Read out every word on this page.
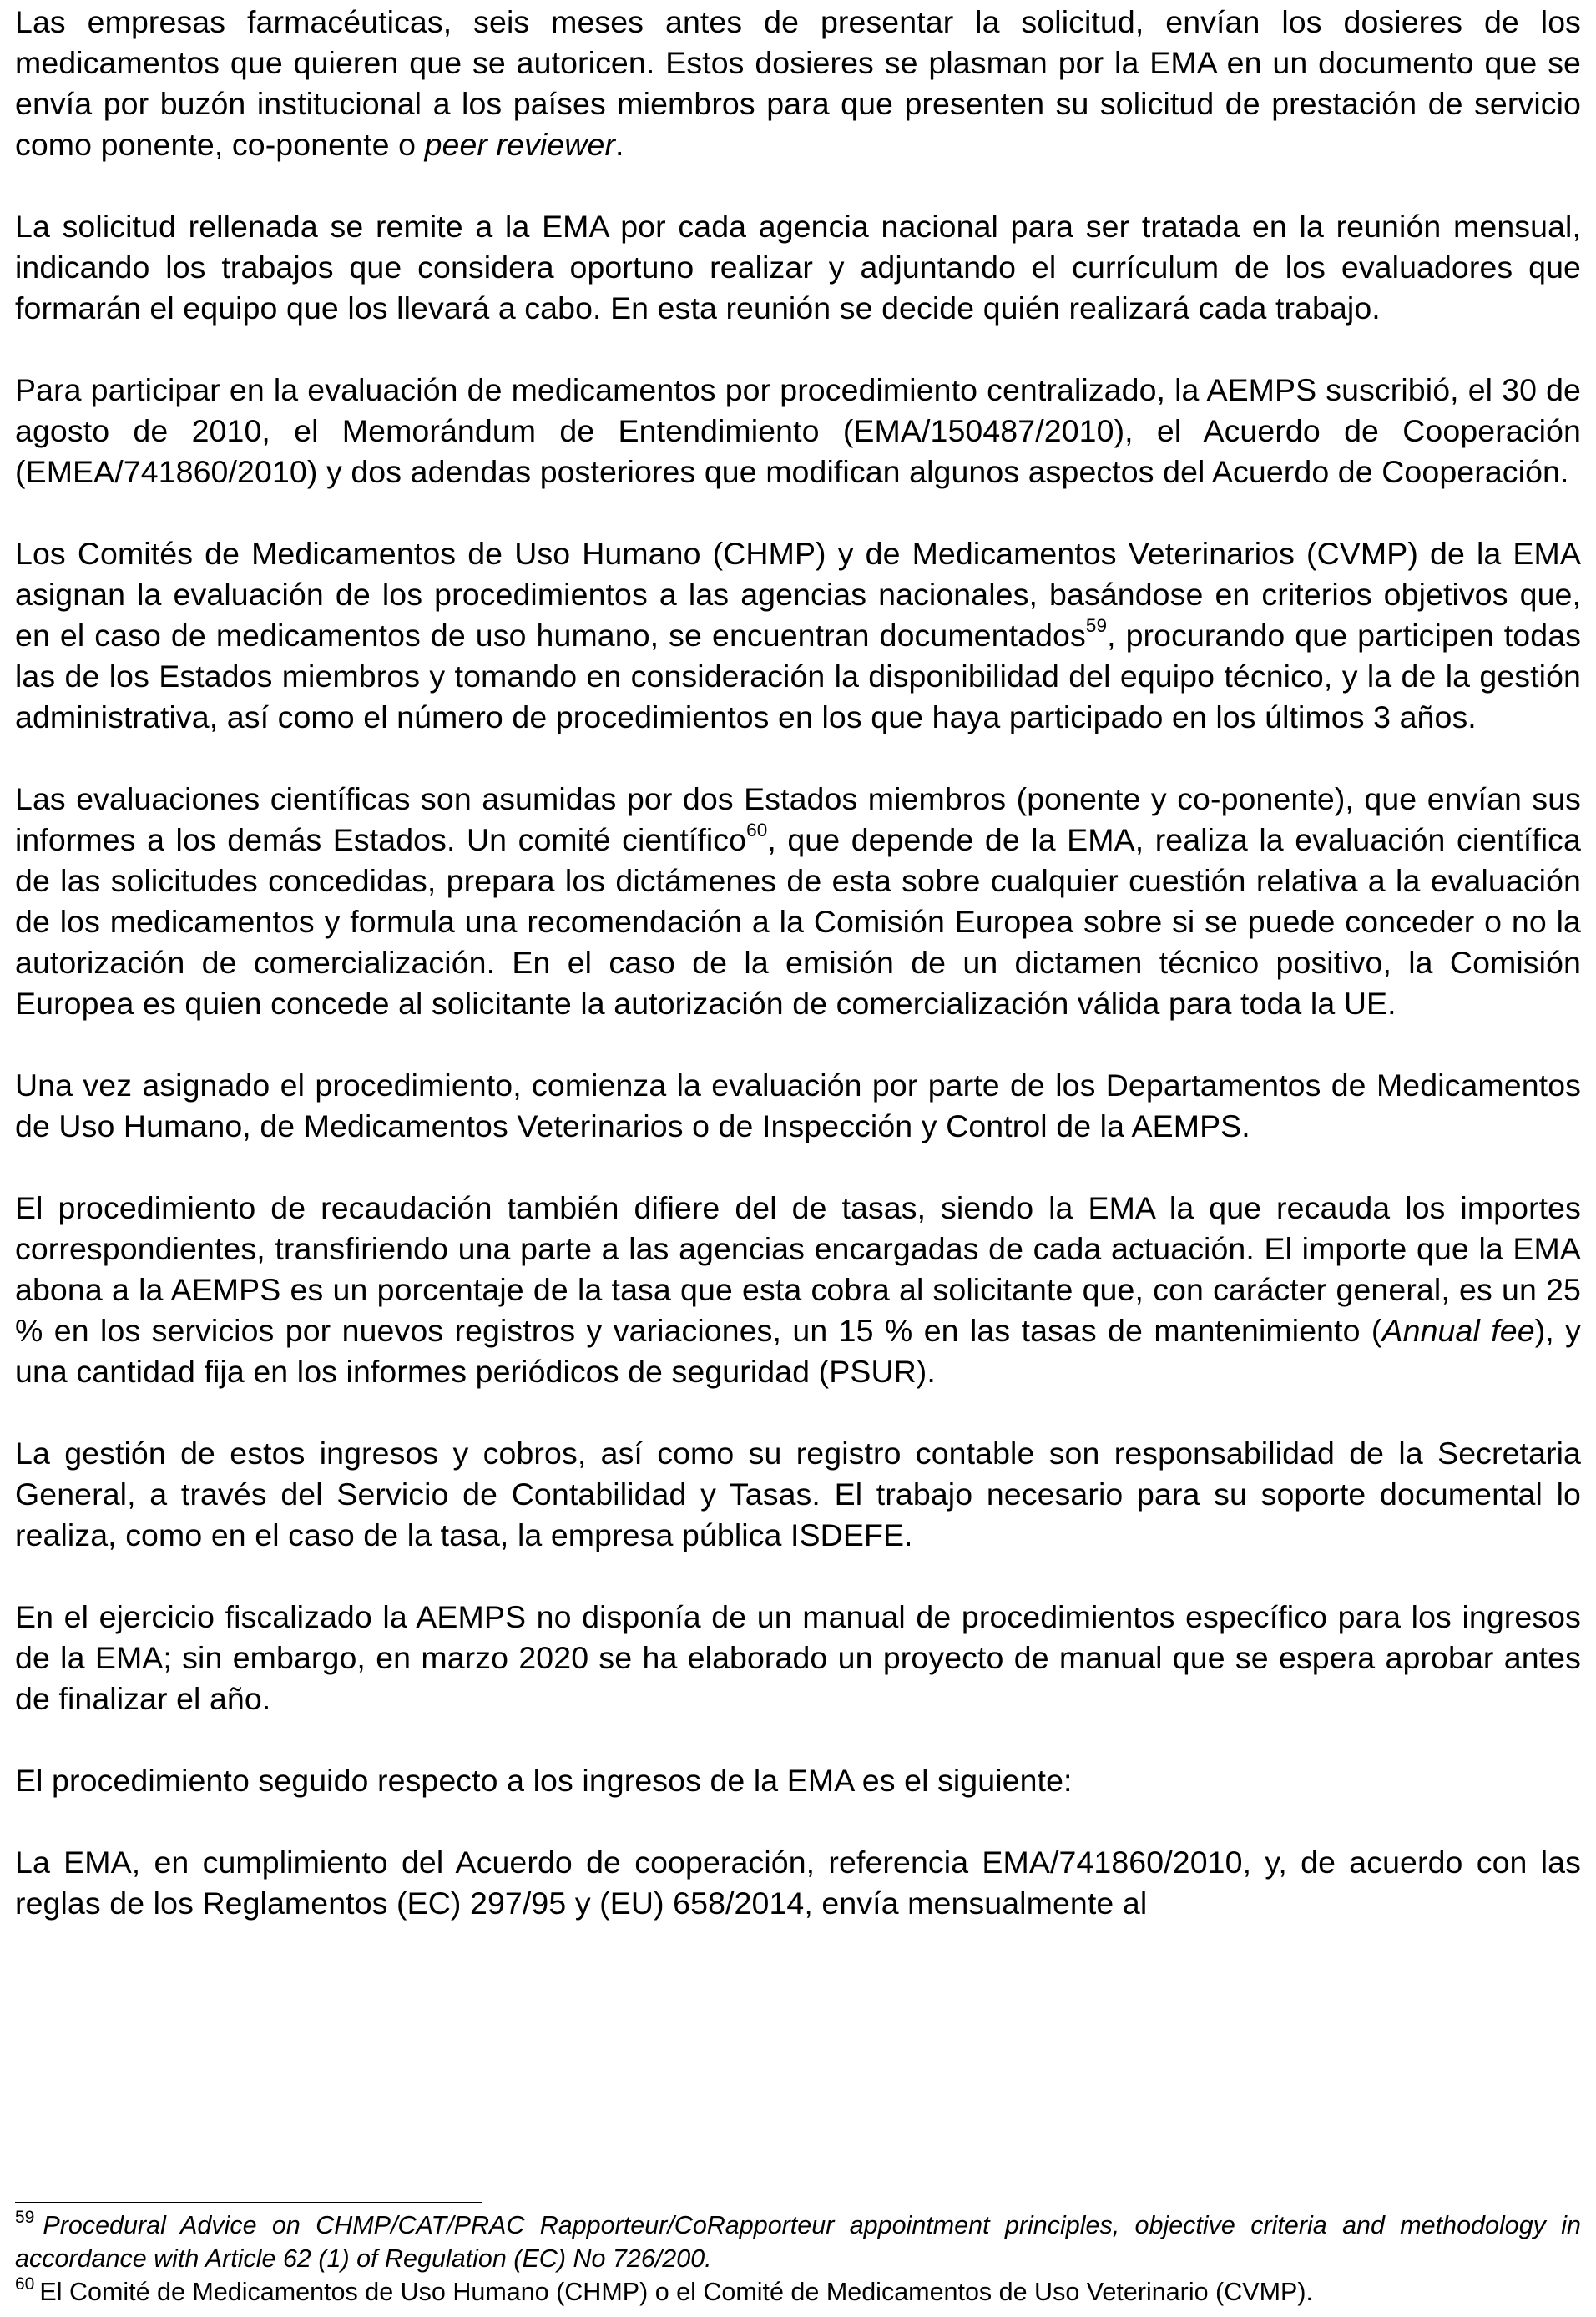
Las empresas farmacéuticas, seis meses antes de presentar la solicitud, envían los dosieres de los medicamentos que quieren que se autoricen. Estos dosieres se plasman por la EMA en un documento que se envía por buzón institucional a los países miembros para que presenten su solicitud de prestación de servicio como ponente, co-ponente o peer reviewer.

La solicitud rellenada se remite a la EMA por cada agencia nacional para ser tratada en la reunión mensual, indicando los trabajos que considera oportuno realizar y adjuntando el currículum de los evaluadores que formarán el equipo que los llevará a cabo. En esta reunión se decide quién realizará cada trabajo.

Para participar en la evaluación de medicamentos por procedimiento centralizado, la AEMPS suscribió, el 30 de agosto de 2010, el Memorándum de Entendimiento (EMA/150487/2010), el Acuerdo de Cooperación (EMEA/741860/2010) y dos adendas posteriores que modifican algunos aspectos del Acuerdo de Cooperación.

Los Comités de Medicamentos de Uso Humano (CHMP) y de Medicamentos Veterinarios (CVMP) de la EMA asignan la evaluación de los procedimientos a las agencias nacionales, basándose en criterios objetivos que, en el caso de medicamentos de uso humano, se encuentran documentados$^{59}$, procurando que participen todas las de los Estados miembros y tomando en consideración la disponibilidad del equipo técnico, y la de la gestión administrativa, así como el número de procedimientos en los que haya participado en los últimos 3 años.

Las evaluaciones científicas son asumidas por dos Estados miembros (ponente y co-ponente), que envían sus informes a los demás Estados. Un comité científico$^{60}$, que depende de la EMA, realiza la evaluación científica de las solicitudes concedidas, prepara los dictámenes de esta sobre cualquier cuestión relativa a la evaluación de los medicamentos y formula una recomendación a la Comisión Europea sobre si se puede conceder o no la autorización de comercialización. En el caso de la emisión de un dictamen técnico positivo, la Comisión Europea es quien concede al solicitante la autorización de comercialización válida para toda la UE.

Una vez asignado el procedimiento, comienza la evaluación por parte de los Departamentos de Medicamentos de Uso Humano, de Medicamentos Veterinarios o de Inspección y Control de la AEMPS.

El procedimiento de recaudación también difiere del de tasas, siendo la EMA la que recauda los importes correspondientes, transfiriendo una parte a las agencias encargadas de cada actuación. El importe que la EMA abona a la AEMPS es un porcentaje de la tasa que esta cobra al solicitante que, con carácter general, es un 25 % en los servicios por nuevos registros y variaciones, un 15 % en las tasas de mantenimiento (Annual fee), y una cantidad fija en los informes periódicos de seguridad (PSUR).

La gestión de estos ingresos y cobros, así como su registro contable son responsabilidad de la Secretaria General, a través del Servicio de Contabilidad y Tasas. El trabajo necesario para su soporte documental lo realiza, como en el caso de la tasa, la empresa pública ISDEFE.

En el ejercicio fiscalizado la AEMPS no disponía de un manual de procedimientos específico para los ingresos de la EMA; sin embargo, en marzo 2020 se ha elaborado un proyecto de manual que se espera aprobar antes de finalizar el año.

El procedimiento seguido respecto a los ingresos de la EMA es el siguiente:

La EMA, en cumplimiento del Acuerdo de cooperación, referencia EMA/741860/2010, y, de acuerdo con las reglas de los Reglamentos (EC) 297/95 y (EU) 658/2014, envía mensualmente al

$^{59}$ Procedural Advice on CHMP/CAT/PRAC Rapporteur/CoRapporteur appointment principles, objective criteria and methodology in accordance with Article 62 (1) of Regulation (EC) No 726/200.

$^{60}$ El Comité de Medicamentos de Uso Humano (CHMP) o el Comité de Medicamentos de Uso Veterinario (CVMP).
